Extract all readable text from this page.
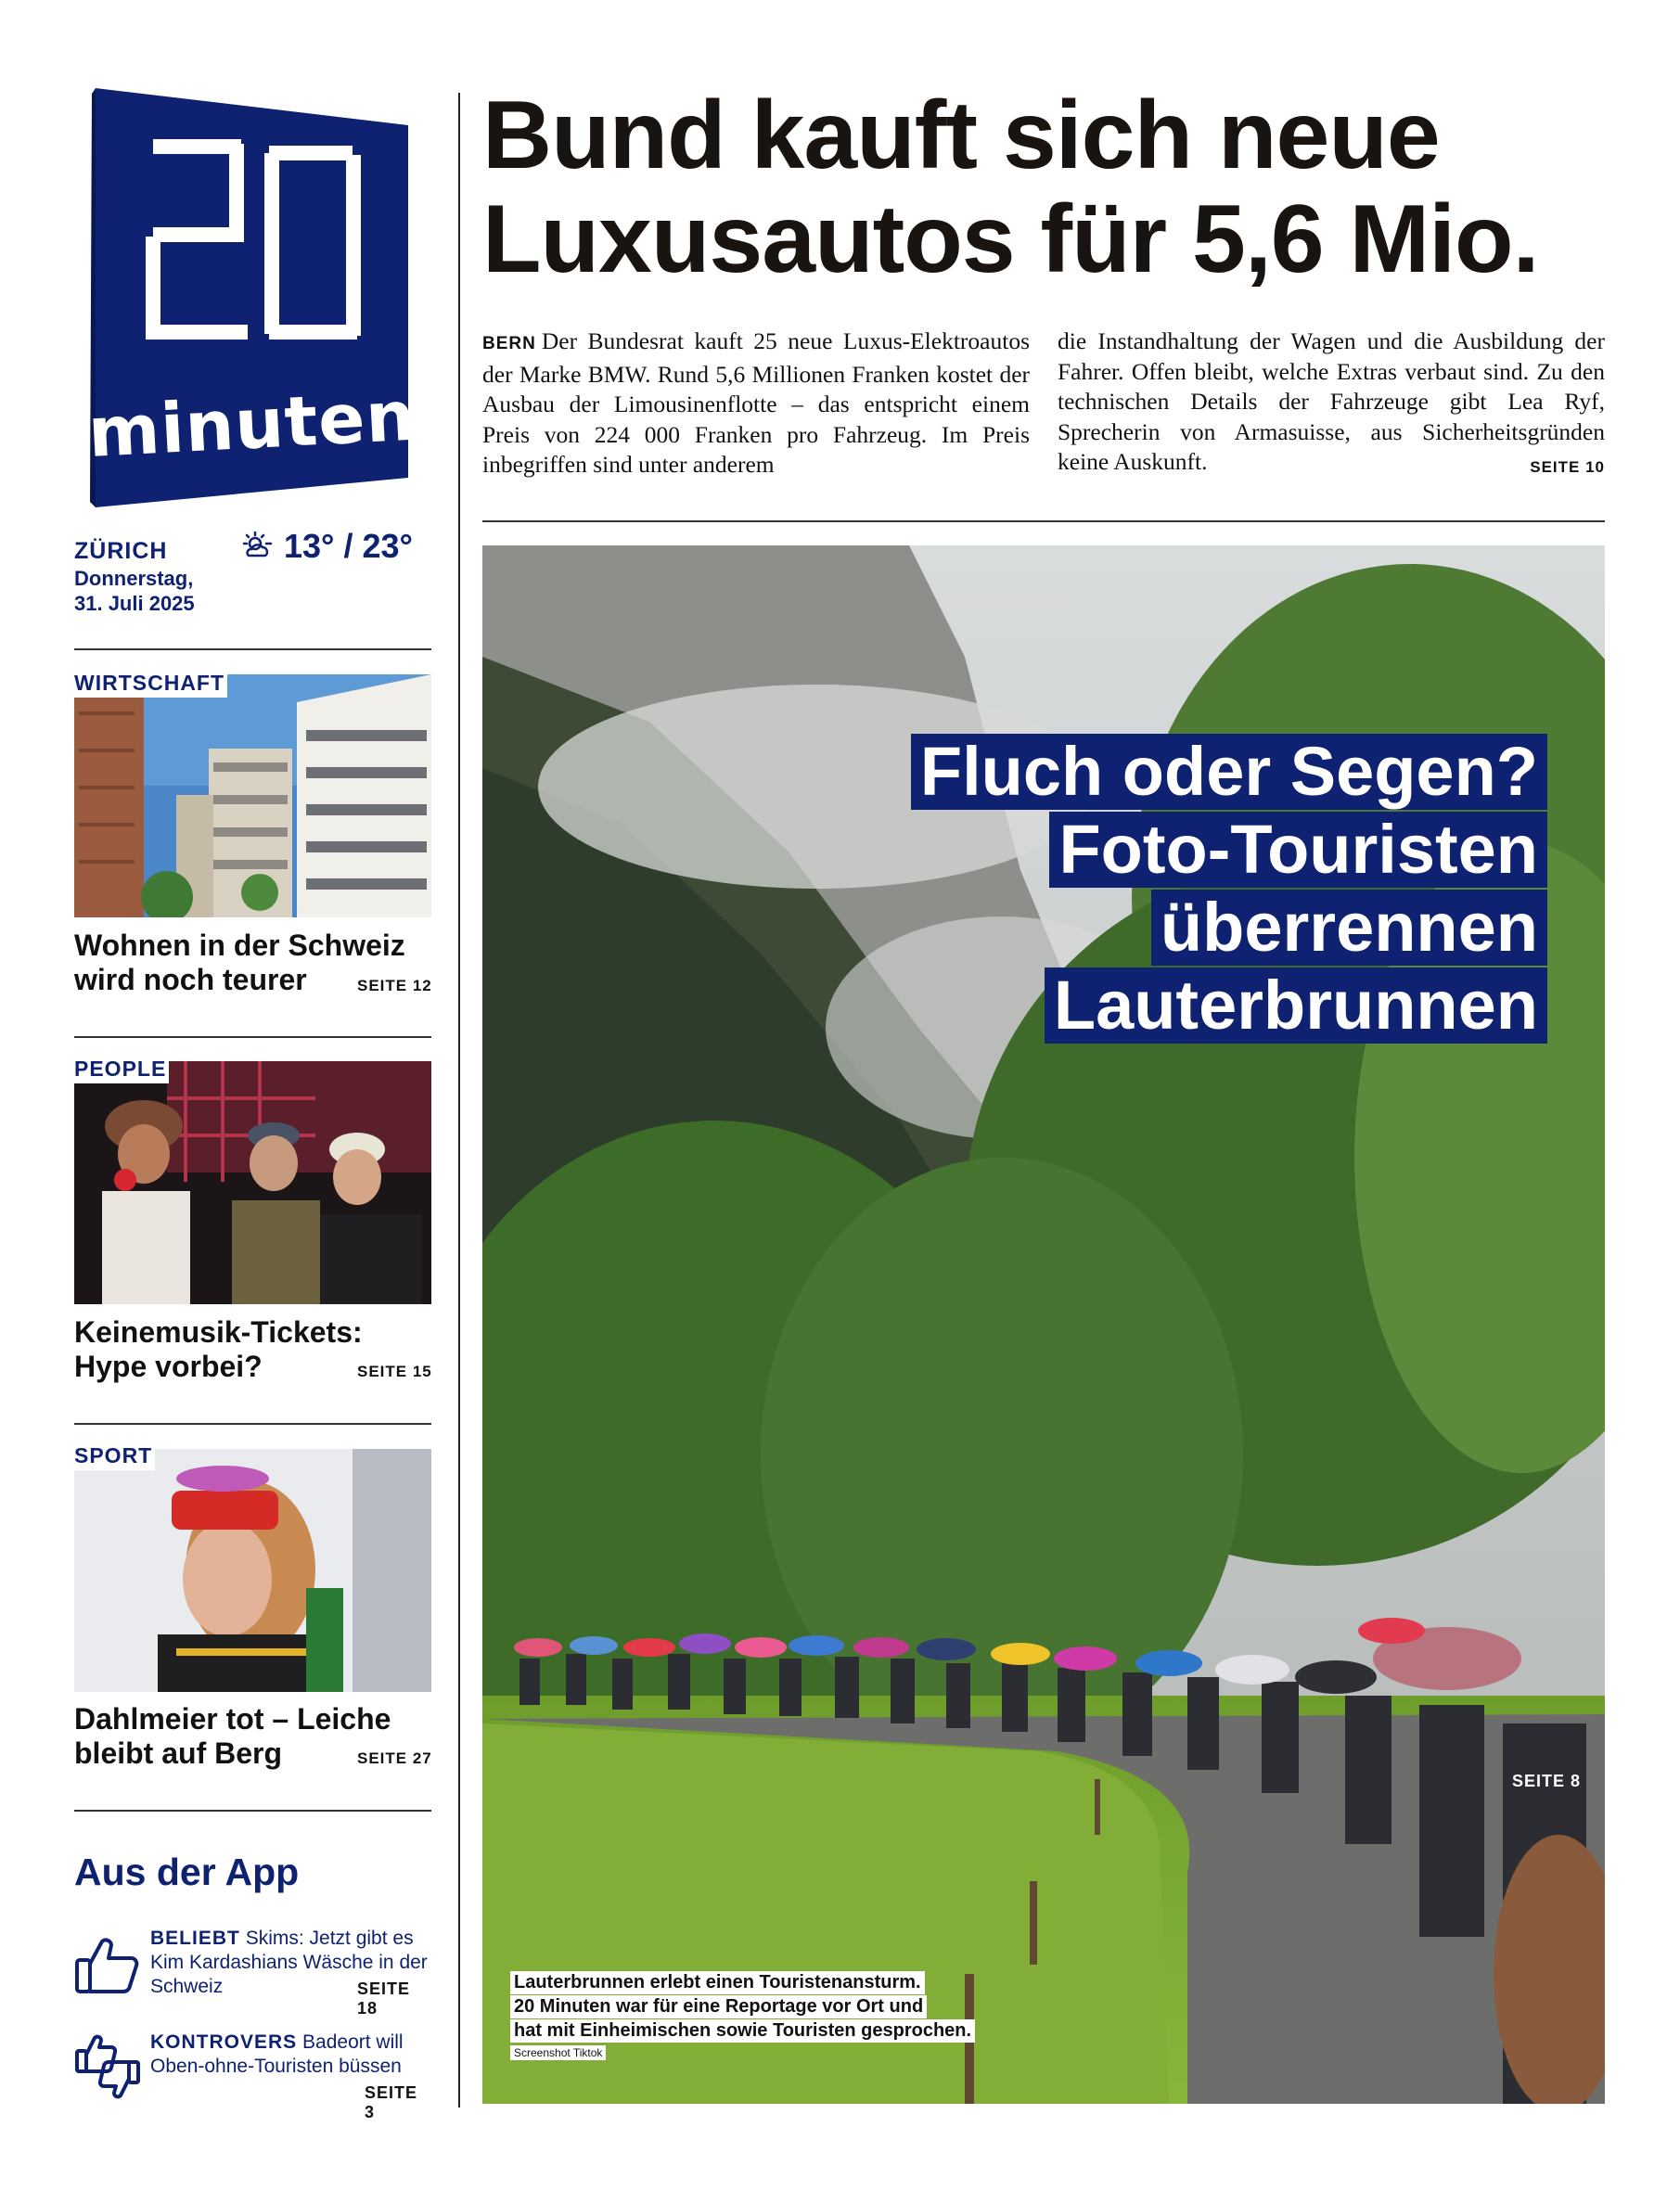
minuten
ZÜRICH
Donnerstag,
31. Juli 2025
13° / 23°
WIRTSCHAFT
Wohnen in der Schweiz
wird noch teurer	SEITE 12
PEOPLE
Keinemusik-Tickets:
Hype vorbei?	SEITE 15
SPORT
Dahlmeier tot – Leiche
bleibt auf Berg	SEITE 27
Aus der App
BELIEBT Skims: Jetzt gibt es Kim Kardashians Wäsche in der Schweiz	SEITE 18
KONTROVERS Badeort will Oben-ohne-Touristen büssen
SEITE 3
Bund kauft sich neue
Luxusautos für 5,6 Mio.
BERN Der Bundesrat kauft 25 neue Luxus-Elektroautos der Marke BMW. Rund 5,6 Millionen Franken kostet der Ausbau der Limousinenflotte – das entspricht einem Preis von 224 000 Franken pro Fahrzeug. Im Preis inbegriffen sind unter anderem
die Instandhaltung der Wagen und die Ausbildung der Fahrer. Offen bleibt, welche Extras verbaut sind. Zu den technischen Details der Fahrzeuge gibt Lea Ryf, Sprecherin von Armasuisse, aus Sicherheitsgründen keine Auskunft.	SEITE 10
Fluch oder Segen?
Foto-Touristen
überrennen
Lauterbrunnen
SEITE 8
Lauterbrunnen erlebt einen Touristenansturm.
20 Minuten war für eine Reportage vor Ort und
hat mit Einheimischen sowie Touristen gesprochen.
Screenshot Tiktok
